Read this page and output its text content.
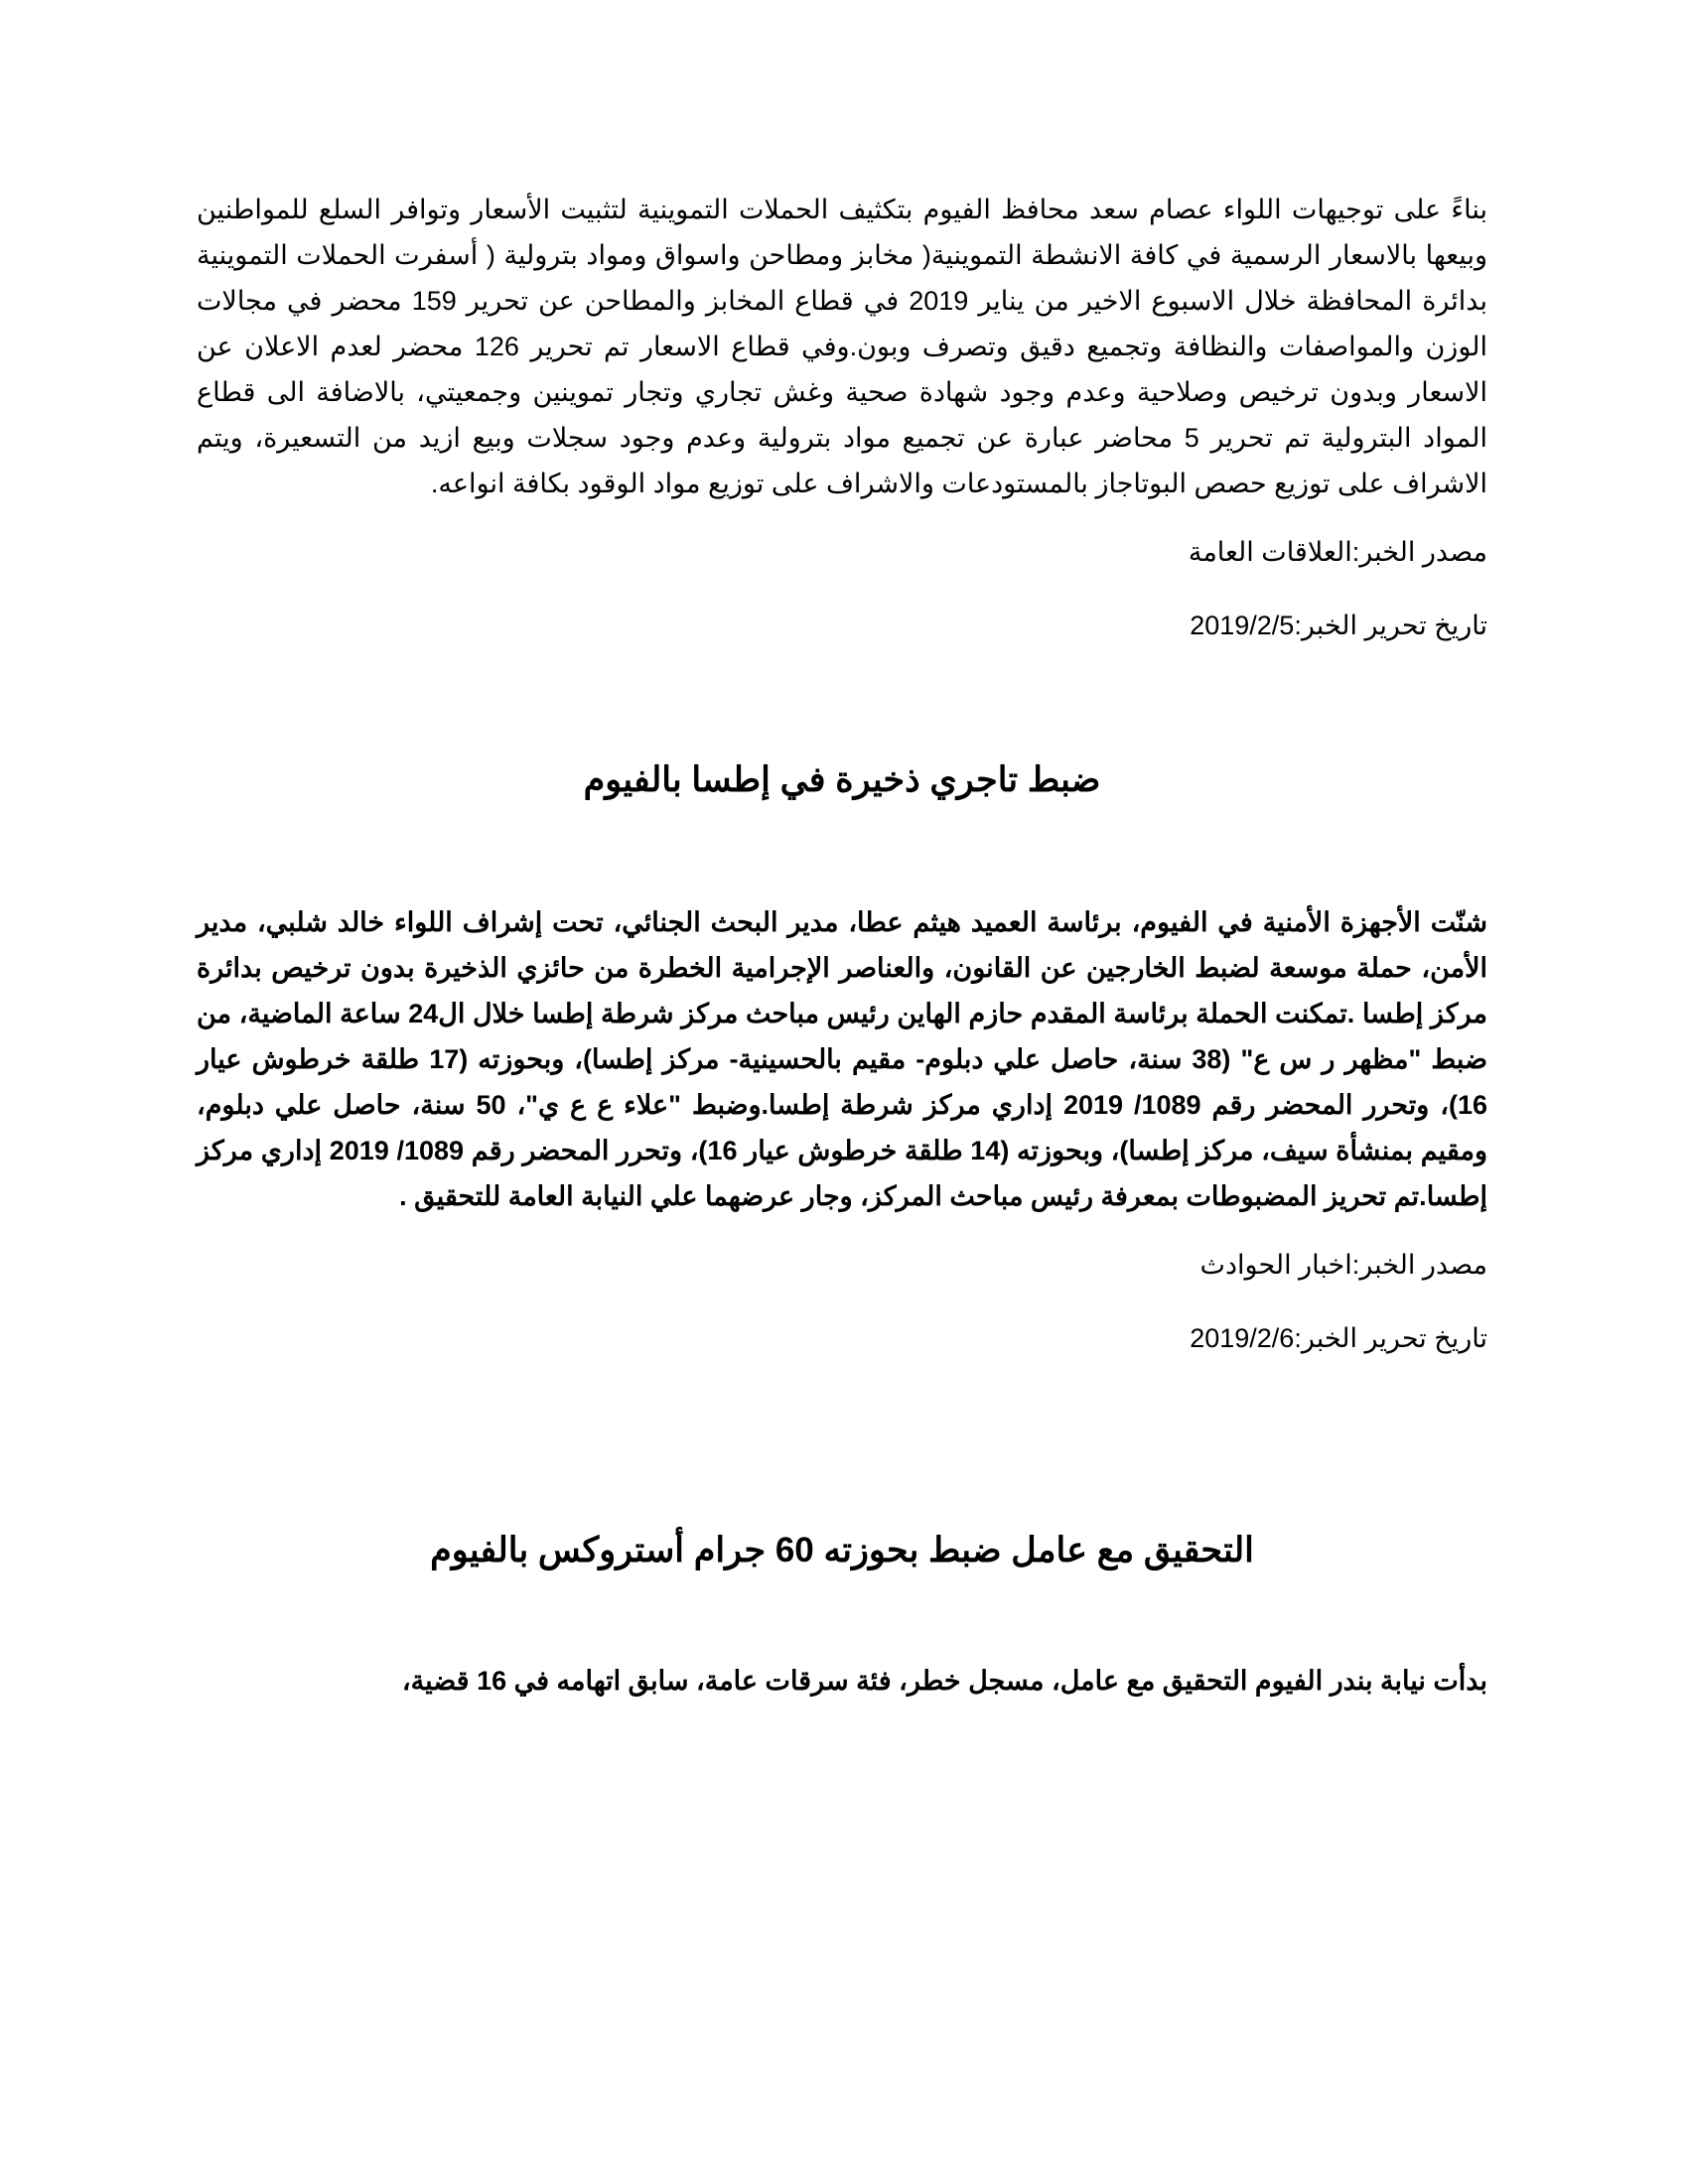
بناءً على توجيهات اللواء عصام سعد محافظ الفيوم بتكثيف الحملات التموينية لتثبيت الأسعار وتوافر السلع للمواطنين وبيعها بالاسعار الرسمية في كافة الانشطة التموينية( مخابز ومطاحن واسواق ومواد بترولية ( أسفرت الحملات التموينية بدائرة المحافظة خلال الاسبوع الاخير من يناير 2019 في قطاع المخابز والمطاحن عن تحرير 159 محضر في مجالات الوزن والمواصفات والنظافة وتجميع دقيق وتصرف وبون.وفي قطاع الاسعار تم تحرير 126 محضر لعدم الاعلان عن الاسعار وبدون ترخيص وصلاحية وعدم وجود شهادة صحية وغش تجاري وتجار تموينين وجمعيتي، بالاضافة الى قطاع المواد البترولية تم تحرير 5 محاضر عبارة عن تجميع مواد بترولية وعدم وجود سجلات وبيع ازيد من التسعيرة، ويتم الاشراف على توزيع حصص البوتاجاز بالمستودعات والاشراف على توزيع مواد الوقود بكافة انواعه.

مصدر الخبر:العلاقات العامة

تاريخ تحرير الخبر:2019/2/5

ضبط تاجري ذخيرة في إطسا بالفيوم

شنّت الأجهزة الأمنية في الفيوم، برئاسة العميد هيثم عطا، مدير البحث الجنائي، تحت إشراف اللواء خالد شلبي، مدير الأمن، حملة موسعة لضبط الخارجين عن القانون، والعناصر الإجرامية الخطرة من حائزي الذخيرة بدون ترخيص بدائرة مركز إطسا .تمكنت الحملة برئاسة المقدم حازم الهاين رئيس مباحث مركز شرطة إطسا خلال ال24 ساعة الماضية، من ضبط "مظهر ر س ع" (38 سنة، حاصل علي دبلوم- مقيم بالحسينية- مركز إطسا)، وبحوزته (17 طلقة خرطوش عيار 16)، وتحرر المحضر رقم 1089/ 2019 إداري مركز شرطة إطسا.وضبط "علاء ع ع ي"، 50 سنة، حاصل علي دبلوم، ومقيم بمنشأة سيف، مركز إطسا)، وبحوزته (14 طلقة خرطوش عيار 16)، وتحرر المحضر رقم 1089/ 2019 إداري مركز إطسا.تم تحريز المضبوطات بمعرفة رئيس مباحث المركز، وجار عرضهما علي النيابة العامة للتحقيق .

مصدر الخبر:اخبار الحوادث

تاريخ تحرير الخبر:2019/2/6

التحقيق مع عامل ضبط بحوزته 60 جرام أستروكس بالفيوم

بدأت نيابة بندر الفيوم التحقيق مع عامل، مسجل خطر، فئة سرقات عامة، سابق اتهامه في 16 قضية،
